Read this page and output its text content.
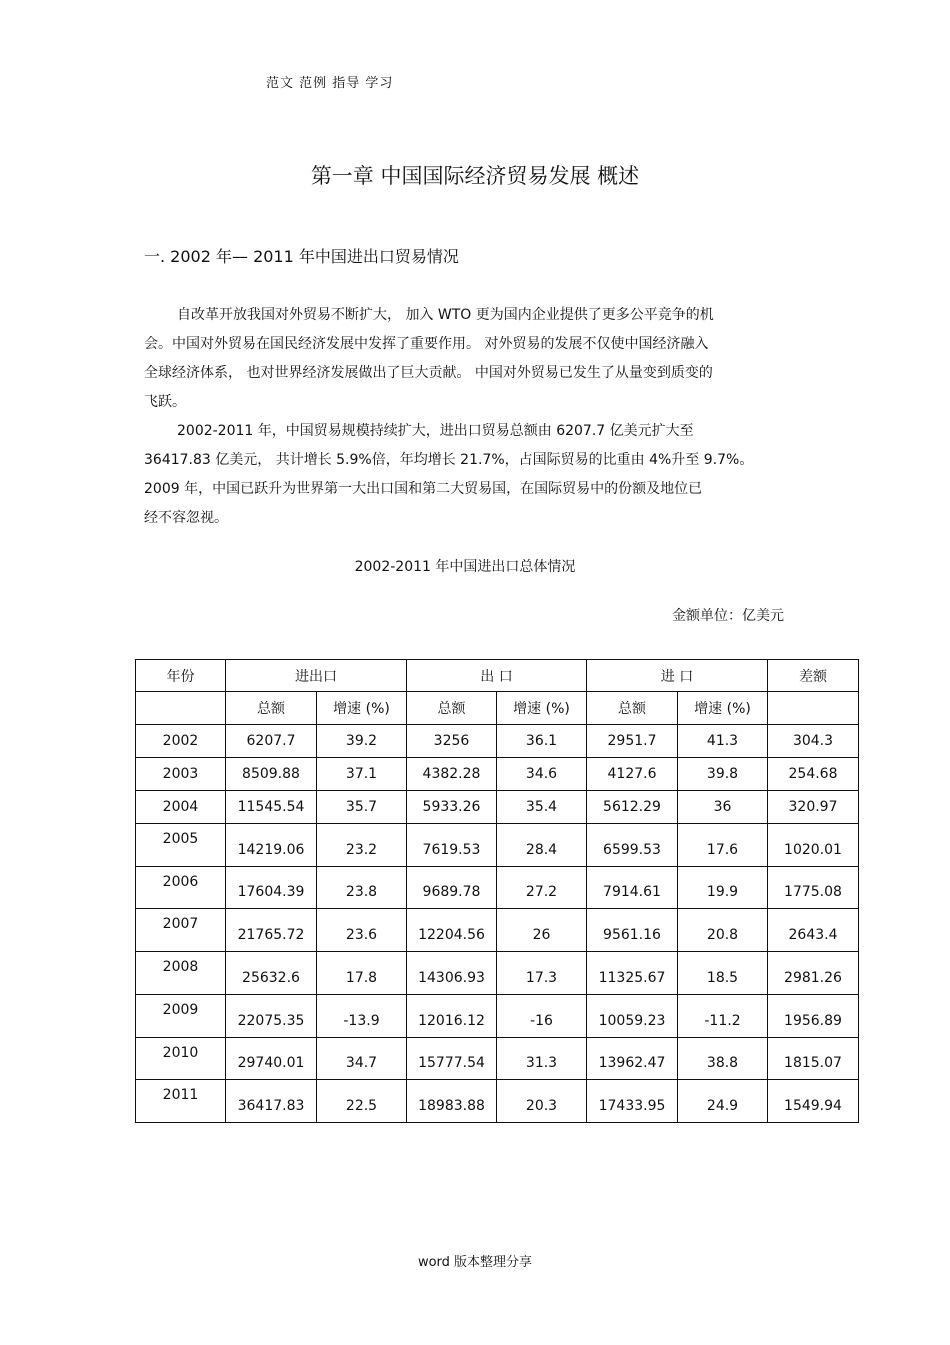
范文 范例 指导 学习
第一章 中国国际经济贸易发展 概述
一. 2002 年— 2011 年中国进出口贸易情况
自改革开放我国对外贸易不断扩大， 加入 WTO 更为国内企业提供了更多公平竞争的机
会。中国对外贸易在国民经济发展中发挥了重要作用。 对外贸易的发展不仅使中国经济融入
全球经济体系， 也对世界经济发展做出了巨大贡献。 中国对外贸易已发生了从量变到质变的
飞跃。
2002-2011 年，中国贸易规模持续扩大，进出口贸易总额由 6207.7 亿美元扩大至
36417.83 亿美元， 共计增长 5.9%倍，年均增长 21.7%，占国际贸易的比重由 4%升至 9.7%。
2009 年，中国已跃升为世界第一大出口国和第二大贸易国，在国际贸易中的份额及地位已
经不容忽视。
2002-2011 年中国进出口总体情况
金额单位：亿美元
年份	进出口		出 口		进 口		差额
	总额	增速 (%)	总额	增速 (%)	总额	增速 (%)	
2002	6207.7	39.2	3256	36.1	2951.7	41.3	304.3
2003	8509.88	37.1	4382.28	34.6	4127.6	39.8	254.68
2004	11545.54	35.7	5933.26	35.4	5612.29	36	320.97
2005	14219.06	23.2	7619.53	28.4	6599.53	17.6	1020.01
2006	17604.39	23.8	9689.78	27.2	7914.61	19.9	1775.08
2007	21765.72	23.6	12204.56	26	9561.16	20.8	2643.4
2008	25632.6	17.8	14306.93	17.3	11325.67	18.5	2981.26
2009	22075.35	-13.9	12016.12	-16	10059.23	-11.2	1956.89
2010	29740.01	34.7	15777.54	31.3	13962.47	38.8	1815.07
2011	36417.83	22.5	18983.88	20.3	17433.95	24.9	1549.94
word 版本整理分享
